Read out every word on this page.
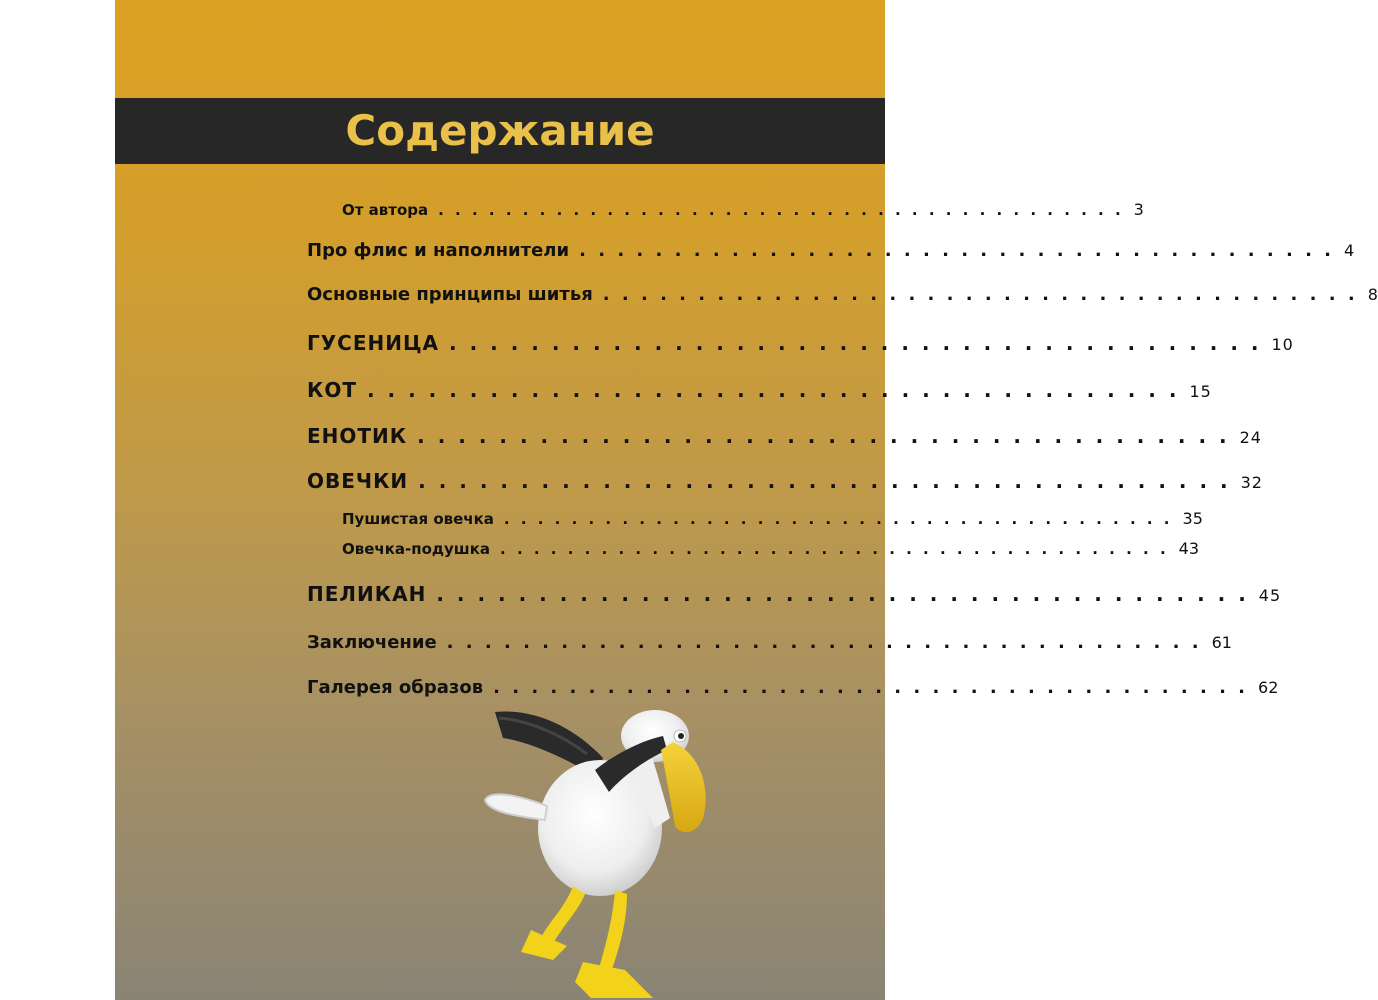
Содержание
От автора . . . . . . . . . . . . . . . . . . . . . . . . . . . . . . . . . . . . . . . . . 3
Про флис и наполнители . . . . . . . . . . . . . . . . . . . . . . . . . . . . . . . . . . . . . . . . 4
Основные принципы шитья . . . . . . . . . . . . . . . . . . . . . . . . . . . . . . . . . . . . . . . . 8
ГУСЕНИЦА . . . . . . . . . . . . . . . . . . . . . . . . . . . . . . . . . . . . . . . . 10
КОТ . . . . . . . . . . . . . . . . . . . . . . . . . . . . . . . . . . . . . . . . 15
ЕНОТИК . . . . . . . . . . . . . . . . . . . . . . . . . . . . . . . . . . . . . . . . 24
ОВЕЧКИ . . . . . . . . . . . . . . . . . . . . . . . . . . . . . . . . . . . . . . . . 32
Пушистая овечка . . . . . . . . . . . . . . . . . . . . . . . . . . . . . . . . . . . . . . . . 35
Овечка-подушка . . . . . . . . . . . . . . . . . . . . . . . . . . . . . . . . . . . . . . . . 43
ПЕЛИКАН . . . . . . . . . . . . . . . . . . . . . . . . . . . . . . . . . . . . . . . . 45
Заключение . . . . . . . . . . . . . . . . . . . . . . . . . . . . . . . . . . . . . . . . 61
Галерея образов . . . . . . . . . . . . . . . . . . . . . . . . . . . . . . . . . . . . . . . . 62
